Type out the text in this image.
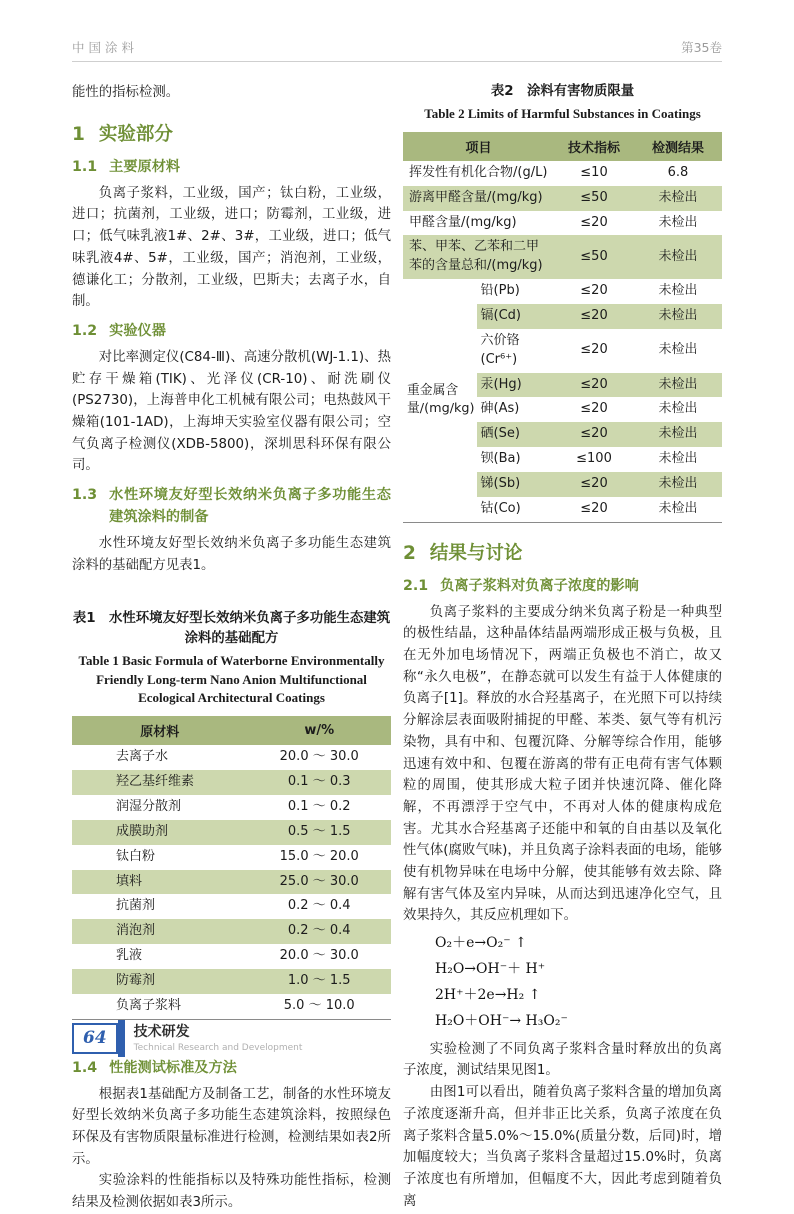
中国涂料	第35卷

能性的指标检测。

1 实验部分
1.1 主要原材料

负离子浆料，工业级，国产；钛白粉，工业级，进口；抗菌剂，工业级，进口；防霉剂，工业级，进口；低气味乳液1#、2#、3#，工业级，进口；低气味乳液4#、5#，工业级，国产；消泡剂，工业级，德谦化工；分散剂，工业级，巴斯夫；去离子水，自制。

1.2 实验仪器

对比率测定仪(C84-Ⅲ)、高速分散机(WJ-1.1)、热贮存干燥箱(TIK)、光泽仪(CR-10)、耐洗刷仪(PS2730)，上海普申化工机械有限公司；电热鼓风干燥箱(101-1AD)，上海坤天实验室仪器有限公司；空气负离子检测仪(XDB-5800)，深圳思科环保有限公司。

1.3 水性环境友好型长效纳米负离子多功能生态建筑涂料的制备

水性环境友好型长效纳米负离子多功能生态建筑涂料的基础配方见表1。

表1　水性环境友好型长效纳米负离子多功能生态建筑涂料的基础配方
Table 1 Basic Formula of Waterborne Environmentally Friendly Long-term Nano Anion Multifunctional Ecological Architectural Coatings
原材料	w/%
去离子水	20.0 ～ 30.0
羟乙基纤维素	0.1 ～ 0.3
润湿分散剂	0.1 ～ 0.2
成膜助剂	0.5 ～ 1.5
钛白粉	15.0 ～ 20.0
填料	25.0 ～ 30.0
抗菌剂	0.2 ～ 0.4
消泡剂	0.2 ～ 0.4
乳液	20.0 ～ 30.0
防霉剂	1.0 ～ 1.5
负离子浆料	5.0 ～ 10.0
1.4 性能测试标准及方法

根据表1基础配方及制备工艺，制备的水性环境友好型长效纳米负离子多功能生态建筑涂料，按照绿色环保及有害物质限量标准进行检测，检测结果如表2所示。

实验涂料的性能指标以及特殊功能性指标，检测结果及检测依据如表3所示。

表2　涂料有害物质限量
Table 2 Limits of Harmful Substances in Coatings
项目		技术指标	检测结果
挥发性有机化合物/(g/L)		≤10	6.8
游离甲醛含量/(mg/kg)		≤50	未检出
甲醛含量/(mg/kg)		≤20	未检出
苯、甲苯、乙苯和二甲苯的含量总和/(mg/kg)		≤50	未检出
重金属含量/(mg/kg)	铅(Pb)	≤20	未检出
	镉(Cd)	≤20	未检出
	六价铬(Cr⁶⁺)	≤20	未检出
	汞(Hg)	≤20	未检出
	砷(As)	≤20	未检出
	硒(Se)	≤20	未检出
	钡(Ba)	≤100	未检出
	锑(Sb)	≤20	未检出
	钴(Co)	≤20	未检出
2 结果与讨论
2.1 负离子浆料对负离子浓度的影响

负离子浆料的主要成分纳米负离子粉是一种典型的极性结晶，这种晶体结晶两端形成正极与负极，且在无外加电场情况下，两端正负极也不消亡，故又称“永久电极”，在静态就可以发生有益于人体健康的负离子[1]。释放的水合羟基离子，在光照下可以持续分解涂层表面吸附捕捉的甲醛、苯类、氨气等有机污染物，具有中和、包覆沉降、分解等综合作用，能够迅速有效中和、包覆在游离的带有正电荷有害气体颗粒的周围，使其形成大粒子团并快速沉降、催化降解，不再漂浮于空气中，不再对人体的健康构成危害。尤其水合羟基离子还能中和氧的自由基以及氧化性气体(腐败气味)，并且负离子涂料表面的电场，能够使有机物异味在电场中分解，使其能够有效去除、降解有害气体及室内异味，从而达到迅速净化空气，且效果持久，其反应机理如下。

O₂＋e→O₂⁻ ↑
H₂O→OH⁻＋ H⁺
2H⁺＋2e→H₂ ↑
H₂O＋OH⁻→ H₃O₂⁻

实验检测了不同负离子浆料含量时释放出的负离子浓度，测试结果见图1。

由图1可以看出，随着负离子浆料含量的增加负离子浓度逐渐升高，但并非正比关系，负离子浓度在负离子浆料含量5.0%～15.0%(质量分数，后同)时，增加幅度较大；当负离子浆料含量超过15.0%时，负离子浓度也有所增加，但幅度不大，因此考虑到随着负离

64	技术研发
Technical Research and Development
